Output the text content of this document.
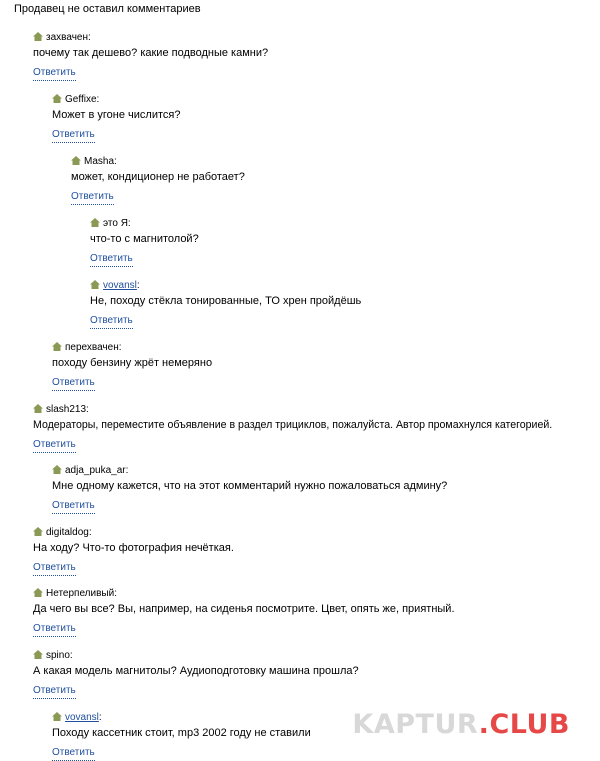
Продавец не оставил комментариев
захвачен:
почему так дешево? какие подводные камни?
Ответить
Geffixe:
Может в угоне числится?
Ответить
Masha:
может, кондиционер не работает?
Ответить
это Я:
что-то с магнитолой?
Ответить
vovansl:
Не, походу стёкла тонированные, ТО хрен пройдёшь
Ответить
перехвачен:
походу бензину жрёт немеряно
Ответить
slash213:
Модераторы, переместите объявление в раздел трициклов, пожалуйста. Автор промахнулся категорией.
Ответить
adja_puka_ar:
Мне одному кажется, что на этот комментарий нужно пожаловаться админу?
Ответить
digitaldog:
На ходу? Что-то фотография нечёткая.
Ответить
Нетерпеливый:
Да чего вы все? Вы, например, на сиденья посмотрите. Цвет, опять же, приятный.
Ответить
spino:
А какая модель магнитолы? Аудиоподготовку машина прошла?
Ответить
vovansl:
Походу кассетник стоит, mp3 2002 году не ставили
Ответить
KAPTUR.CLUB
